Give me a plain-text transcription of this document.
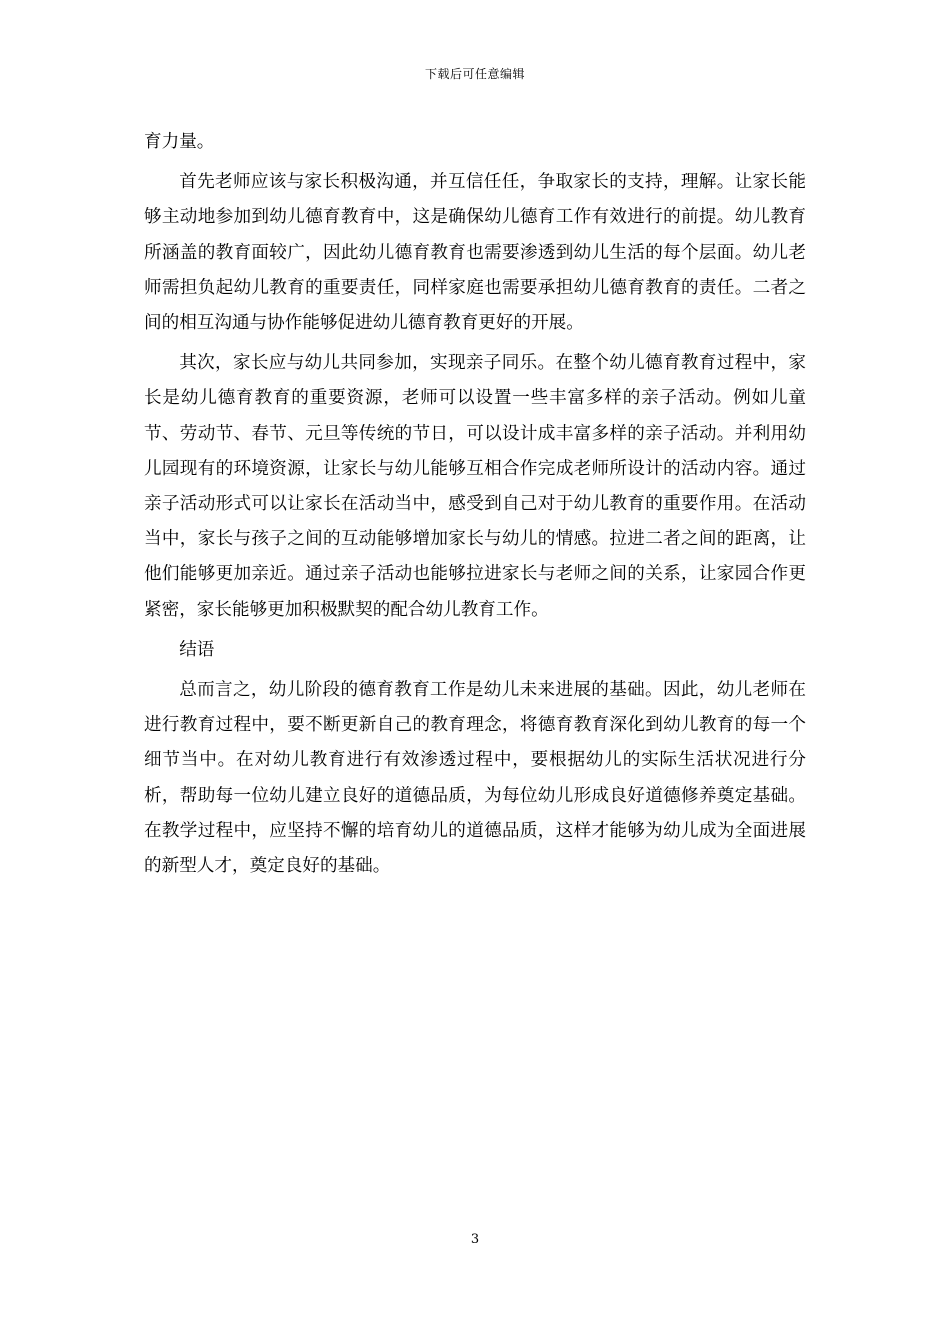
下载后可任意编辑

育力量。

首先老师应该与家长积极沟通，并互信任任，争取家长的支持，理解。让家长能够主动地参加到幼儿德育教育中，这是确保幼儿德育工作有效进行的前提。幼儿教育所涵盖的教育面较广，因此幼儿德育教育也需要渗透到幼儿生活的每个层面。幼儿老师需担负起幼儿教育的重要责任，同样家庭也需要承担幼儿德育教育的责任。二者之间的相互沟通与协作能够促进幼儿德育教育更好的开展。

其次，家长应与幼儿共同参加，实现亲子同乐。在整个幼儿德育教育过程中，家长是幼儿德育教育的重要资源，老师可以设置一些丰富多样的亲子活动。例如儿童节、劳动节、春节、元旦等传统的节日，可以设计成丰富多样的亲子活动。并利用幼儿园现有的环境资源，让家长与幼儿能够互相合作完成老师所设计的活动内容。通过亲子活动形式可以让家长在活动当中，感受到自己对于幼儿教育的重要作用。在活动当中，家长与孩子之间的互动能够增加家长与幼儿的情感。拉进二者之间的距离，让他们能够更加亲近。通过亲子活动也能够拉进家长与老师之间的关系，让家园合作更紧密，家长能够更加积极默契的配合幼儿教育工作。

结语

总而言之，幼儿阶段的德育教育工作是幼儿未来进展的基础。因此，幼儿老师在进行教育过程中，要不断更新自己的教育理念，将德育教育深化到幼儿教育的每一个细节当中。在对幼儿教育进行有效渗透过程中，要根据幼儿的实际生活状况进行分析，帮助每一位幼儿建立良好的道德品质，为每位幼儿形成良好道德修养奠定基础。在教学过程中，应坚持不懈的培育幼儿的道德品质，这样才能够为幼儿成为全面进展的新型人才，奠定良好的基础。

3
